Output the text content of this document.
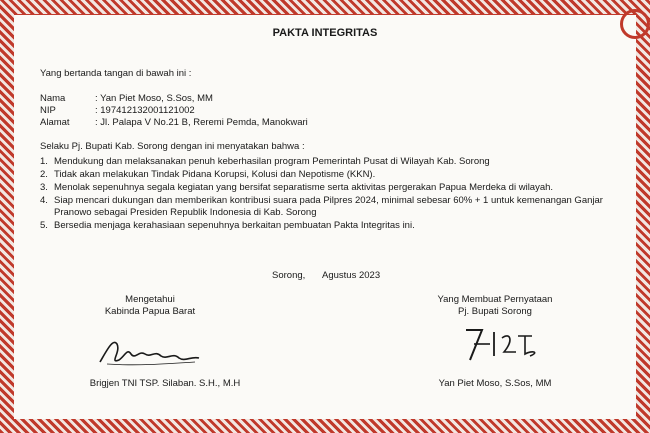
PAKTA INTEGRITAS
Yang bertanda tangan di bawah ini :
Nama	: Yan Piet Moso, S.Sos, MM
NIP	: 197412132001121002
Alamat	: Jl. Palapa V No.21 B, Reremi Pemda, Manokwari
Selaku Pj. Bupati Kab. Sorong dengan ini menyatakan bahwa :
1. Mendukung dan melaksanakan penuh keberhasilan program Pemerintah Pusat di Wilayah Kab. Sorong
2. Tidak akan melakukan Tindak Pidana Korupsi, Kolusi dan Nepotisme (KKN).
3. Menolak sepenuhnya segala kegiatan yang bersifat separatisme serta aktivitas pergerakan Papua Merdeka di wilayah.
4. Siap mencari dukungan dan memberikan kontribusi suara pada Pilpres 2024, minimal sebesar 60% + 1 untuk kemenangan Ganjar Pranowo sebagai Presiden Republik Indonesia di Kab. Sorong
5. Bersedia menjaga kerahasiaan sepenuhnya berkaitan pembuatan Pakta Integritas ini.
Sorong, Agustus 2023
Mengetahui
Kabinda Papua Barat
Brigjen TNI TSP. Silaban. S.H., M.H
Yang Membuat Pernyataan
Pj. Bupati Sorong
Yan Piet Moso, S.Sos, MM
